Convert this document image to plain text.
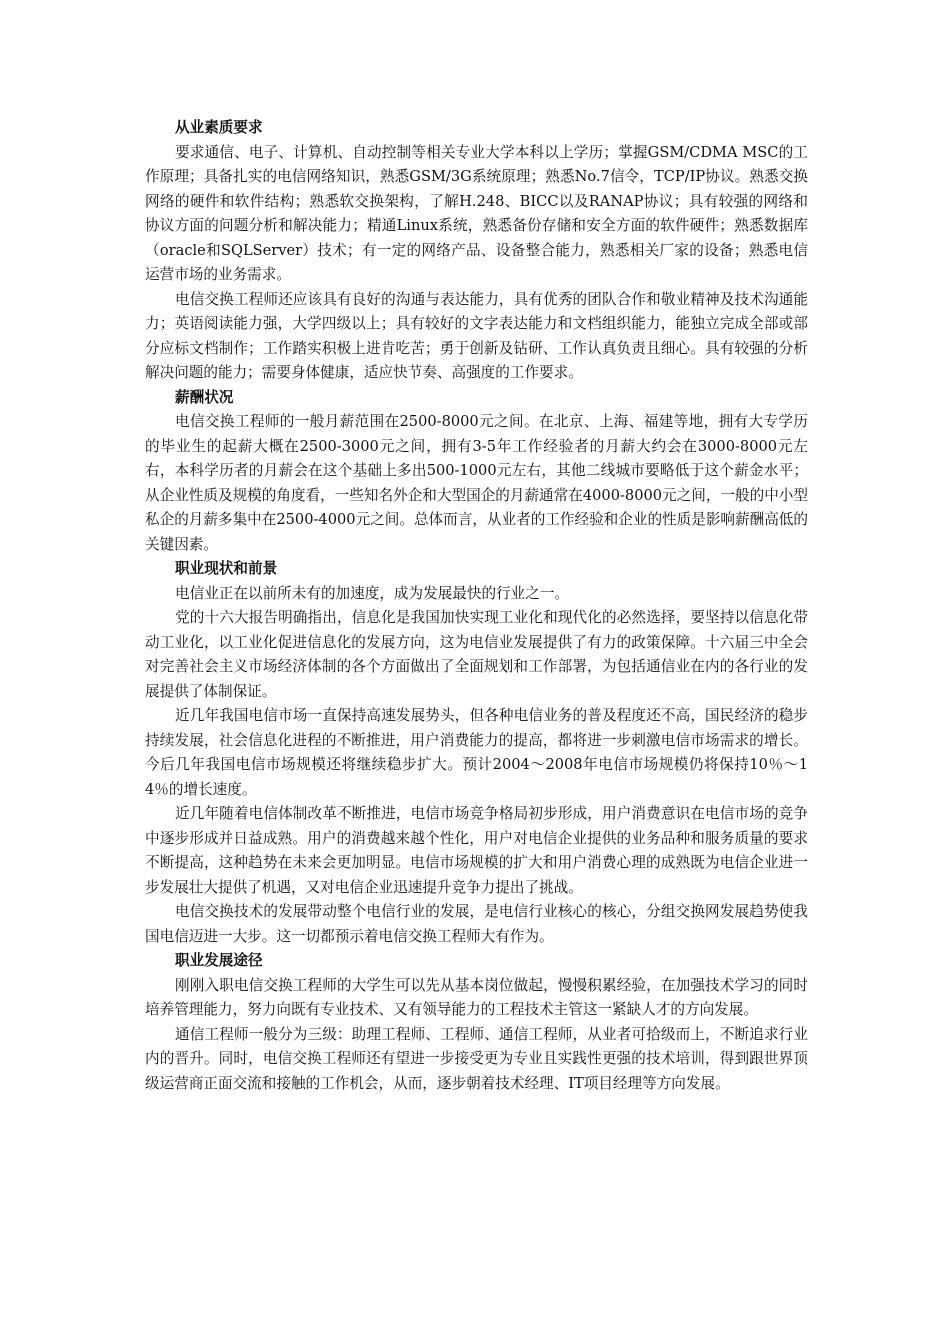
从业素质要求

要求通信、电子、计算机、自动控制等相关专业大学本科以上学历；掌握GSM/CDMA MSC的工作原理；具备扎实的电信网络知识，熟悉GSM/3G系统原理；熟悉No.7信令，TCP/IP协议。熟悉交换网络的硬件和软件结构；熟悉软交换架构，了解H.248、BICC以及RANAP协议；具有较强的网络和协议方面的问题分析和解决能力；精通Linux系统，熟悉备份存储和安全方面的软件硬件；熟悉数据库（oracle和SQLServer）技术；有一定的网络产品、设备整合能力，熟悉相关厂家的设备；熟悉电信运营市场的业务需求。

电信交换工程师还应该具有良好的沟通与表达能力，具有优秀的团队合作和敬业精神及技术沟通能力；英语阅读能力强，大学四级以上；具有较好的文字表达能力和文档组织能力，能独立完成全部或部分应标文档制作；工作踏实积极上进肯吃苦；勇于创新及钻研、工作认真负责且细心。具有较强的分析解决问题的能力；需要身体健康，适应快节奏、高强度的工作要求。

薪酬状况

电信交换工程师的一般月薪范围在2500-8000元之间。在北京、上海、福建等地，拥有大专学历的毕业生的起薪大概在2500-3000元之间，拥有3-5年工作经验者的月薪大约会在3000-8000元左右，本科学历者的月薪会在这个基础上多出500-1000元左右，其他二线城市要略低于这个薪金水平；从企业性质及规模的角度看，一些知名外企和大型国企的月薪通常在4000-8000元之间，一般的中小型私企的月薪多集中在2500-4000元之间。总体而言，从业者的工作经验和企业的性质是影响薪酬高低的关键因素。

职业现状和前景

电信业正在以前所未有的加速度，成为发展最快的行业之一。

党的十六大报告明确指出，信息化是我国加快实现工业化和现代化的必然选择，要坚持以信息化带动工业化，以工业化促进信息化的发展方向，这为电信业发展提供了有力的政策保障。十六届三中全会对完善社会主义市场经济体制的各个方面做出了全面规划和工作部署，为包括通信业在内的各行业的发展提供了体制保证。

近几年我国电信市场一直保持高速发展势头，但各种电信业务的普及程度还不高，国民经济的稳步持续发展，社会信息化进程的不断推进，用户消费能力的提高，都将进一步刺激电信市场需求的增长。今后几年我国电信市场规模还将继续稳步扩大。预计2004～2008年电信市场规模仍将保持10％～14％的增长速度。

近几年随着电信体制改革不断推进，电信市场竞争格局初步形成，用户消费意识在电信市场的竞争中逐步形成并日益成熟。用户的消费越来越个性化，用户对电信企业提供的业务品种和服务质量的要求不断提高，这种趋势在未来会更加明显。电信市场规模的扩大和用户消费心理的成熟既为电信企业进一步发展壮大提供了机遇，又对电信企业迅速提升竞争力提出了挑战。

电信交换技术的发展带动整个电信行业的发展，是电信行业核心的核心，分组交换网发展趋势使我国电信迈进一大步。这一切都预示着电信交换工程师大有作为。

职业发展途径

刚刚入职电信交换工程师的大学生可以先从基本岗位做起，慢慢积累经验，在加强技术学习的同时培养管理能力，努力向既有专业技术、又有领导能力的工程技术主管这一紧缺人才的方向发展。

通信工程师一般分为三级：助理工程师、工程师、通信工程师，从业者可拾级而上，不断追求行业内的晋升。同时，电信交换工程师还有望进一步接受更为专业且实践性更强的技术培训，得到跟世界顶级运营商正面交流和接触的工作机会，从而，逐步朝着技术经理、IT项目经理等方向发展。
